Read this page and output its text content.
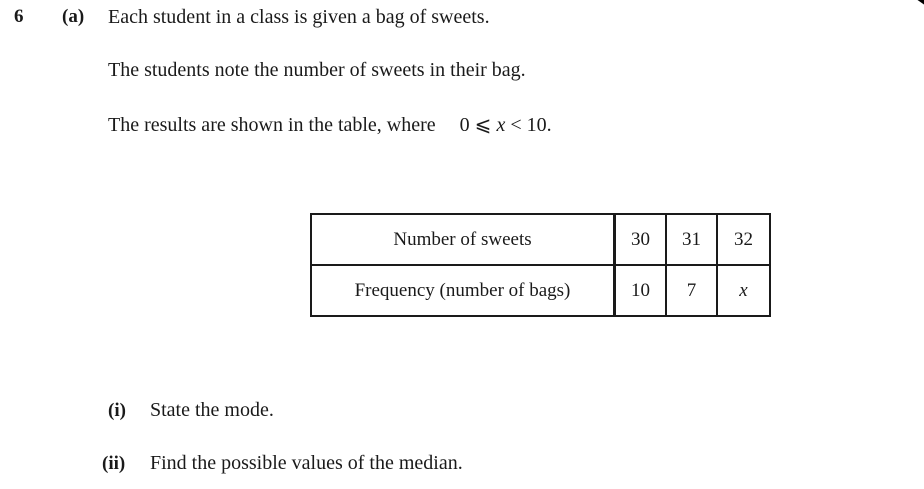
6 (a) Each student in a class is given a bag of sweets.
The students note the number of sweets in their bag.
The results are shown in the table, where 0 ⩽ x < 10.
Number of sweets	30	31	32
Frequency (number of bags)	10	7	x
(i) State the mode.
(ii) Find the possible values of the median.
